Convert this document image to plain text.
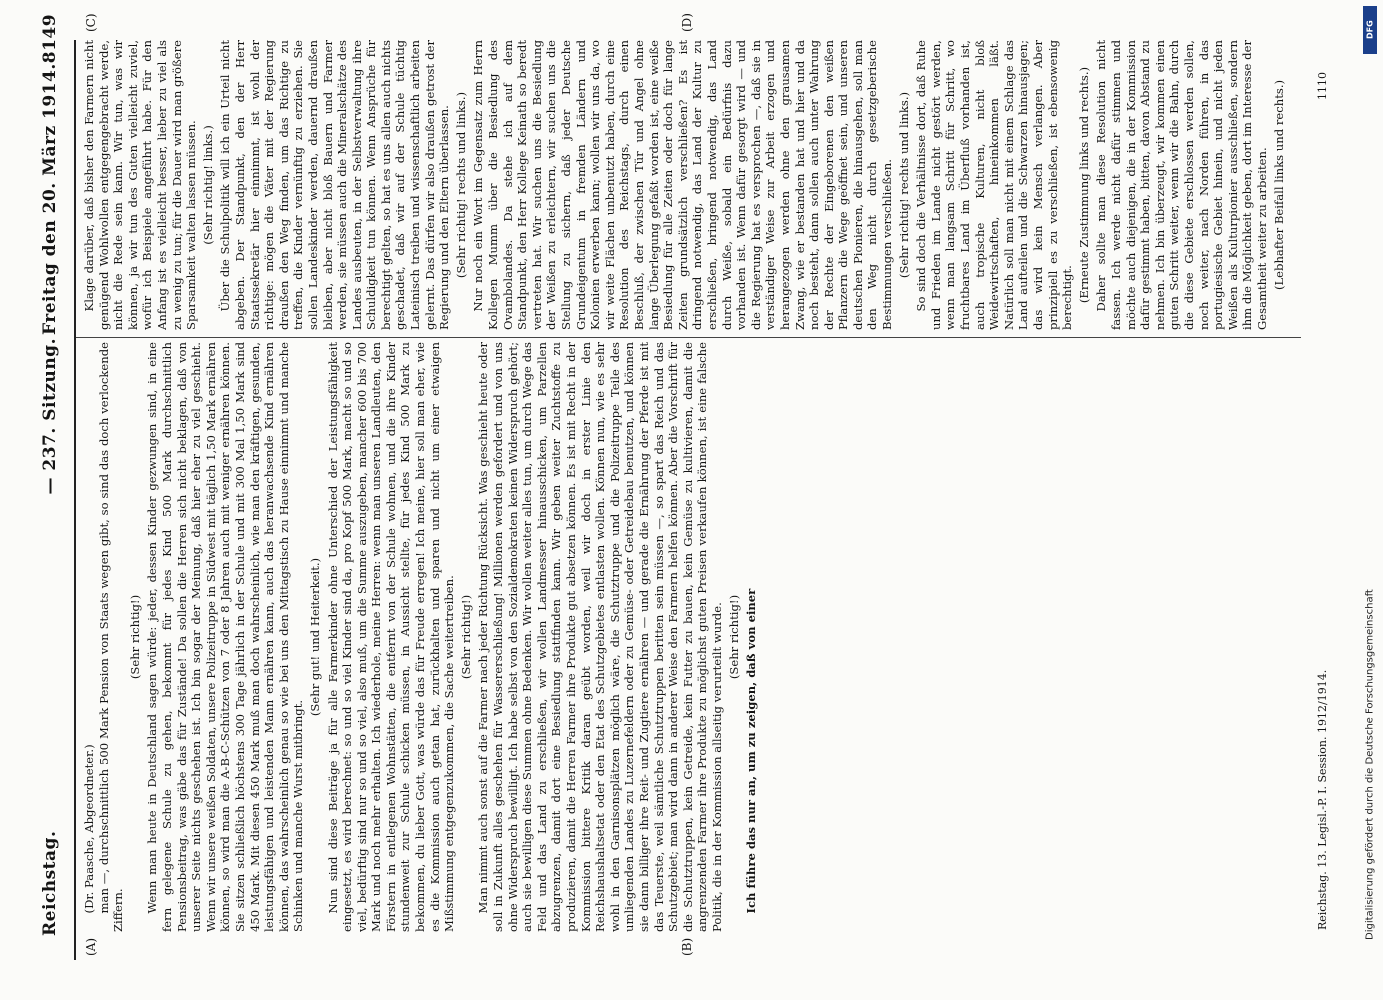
Reichstag.
— 237. Sitzung.
Freitag den 20. März 1914.
8149
(A)	(B)
(C)	(D)

(Dr. Paasche, Abgeordneter.) man —, durchschnittlich 500 Mark Pension von Staats wegen gibt, so sind das doch verlockende Ziffern.

(Sehr richtig!) Wenn man heute in Deutschland sagen würde: jeder, dessen Kinder gezwungen sind, in eine fern gelegene Schule zu gehen, bekommt für jedes Kind 500 Mark durchschnittlich Pensionsbeitrag, was gäbe das für Zustände! Da sollen die Herren sich nicht beklagen, daß von unserer Seite nichts geschehen ist. Ich bin sogar der Meinung, daß hier eher zu viel geschieht. Wenn wir unsere weißen Soldaten, unsere Polizeitruppe in Südwest mit täglich 1,50 Mark ernähren können, so wird man die A-B-C-Schützen von 7 oder 8 Jahren auch mit weniger ernähren können. Sie sitzen schließlich höchstens 300 Tage jährlich in der Schule und mit 300 Mal 1,50 Mark sind 450 Mark. Mit diesen 450 Mark muß man doch wahrscheinlich, wie man den kräftigen, gesunden, leistungsfähigen und leistenden Mann ernähren kann, auch das heranwachsende Kind ernähren können, das wahrscheinlich genau so wie bei uns den Mittagstisch zu Hause einnimmt und manche Schinken und manche Wurst mitbringt.

(Sehr gut! und Heiterkeit.) Nun sind diese Beiträge ja für alle Farmerkinder ohne Unterschied der Leistungsfähigkeit eingesetzt, es wird berechnet: so und so viel Kinder sind da, pro Kopf 500 Mark, macht so und so viel, bedürftig sind nur so und so viel, also muß, um die Summe auszugeben, mancher 600 bis 700 Mark und noch mehr erhalten. Ich wiederhole, meine Herren: wenn man unseren Landleuten, den Förstern in entlegenen Wohnstätten, die entfernt von der Schule wohnen, und die ihre Kinder stundenweit zur Schule schicken müssen, in Aussicht stellte, für jedes Kind 500 Mark zu bekommen, du lieber Gott, was würde das für Freude erregen! Ich meine, hier soll man eher, wie es die Kommission auch getan hat, zurückhalten und sparen und nicht um einer etwaigen Mißstimmung entgegenzukommen, die Sache weitertreiben. (Sehr richtig!) Man nimmt auch sonst auf die Farmer nach jeder Richtung Rücksicht. Was geschieht heute oder soll in Zukunft alles geschehen für Wassererschließung! Millionen werden gefordert und von uns ohne Widerspruch bewilligt. Ich habe selbst von den Sozialdemokraten keinen Widerspruch gehört; auch sie bewilligen diese Summen ohne Bedenken. Wir wollen weiter alles tun, um durch Wege das Feld und das Land zu erschließen, wir wollen Landmesser hinausschicken, um Parzellen abzugrenzen, damit dort eine Besiedlung stattfinden kann. Wir geben weiter Zuchtstoffe zu produzieren, damit die Herren Farmer ihre Produkte gut absetzen können. Es ist mit Recht in der Kommission bittere Kritik daran geübt worden, weil wir doch in erster Linie den Reichshaushaltsetat oder den Etat des Schutzgebietes entlasten wollen. Können nun, wie es sehr wohl in den Garnisonsplätzen möglich wäre, die Schutztruppe und die Polizeitruppe Teile des umliegenden Landes zu Luzernefeldern oder zu Gemüse- oder Getreidebau benutzen, und können sie dann billiger ihre Reit- und Zugtiere ernähren — und gerade die Ernährung der Pferde ist mit das Teuerste, weil sämtliche Schutztruppen beritten sein müssen —, so spart das Reich und das Schutzgebiet; man wird dann in anderer Weise den Farmern helfen können. Aber die Vorschrift für die Schutztruppen, kein Getreide, kein Futter zu bauen, kein Gemüse zu kultivieren, damit die angrenzenden Farmer ihre Produkte zu möglichst guten Preisen verkaufen können, ist eine falsche Politik, die in der Kommission allseitig verurteilt wurde. (Sehr richtig!) Ich führe das nur an, um zu zeigen, daß von einer

Klage darüber, daß bisher den Farmern nicht genügend Wohlwollen entgegengebracht werde, nicht die Rede sein kann. Wir tun, was wir können, ja wir tun des Guten vielleicht zuviel, wofür ich Beispiele angeführt habe. Für den Anfang ist es vielleicht besser, lieber zu viel als zu wenig zu tun; für die Dauer wird man größere Sparsamkeit walten lassen müssen. (Sehr richtig! links.) Über die Schulpolitik will ich ein Urteil nicht abgeben. Der Standpunkt, den der Herr Staatssekretär hier einnimmt, ist wohl der richtige: mögen die Väter mit der Regierung draußen den Weg finden, um das Richtige zu treffen, die Kinder vernünftig zu erziehen. Sie sollen Landeskinder werden, dauernd draußen bleiben, aber nicht bloß Bauern und Farmer werden, sie müssen auch die Mineralschätze des Landes ausbeuten, in der Selbstverwaltung ihre Schuldigkeit tun können. Wenn Ansprüche für berechtigt gelten, so hat es uns allen auch nichts geschadet, daß wir auf der Schule tüchtig Lateinisch treiben und wissenschaftlich arbeiten gelernt. Das dürfen wir also draußen getrost der Regierung und den Eltern überlassen. (Sehr richtig! rechts und links.) Nur noch ein Wort im Gegensatz zum Herrn Kollegen Mumm über die Besiedlung des Ovambolandes. Da stehe ich auf dem Standpunkt, den Herr Kollege Keinath so beredt vertreten hat. Wir suchen uns die Besiedlung der Weißen zu erleichtern, wir suchen uns die Stellung zu sichern, daß jeder Deutsche Grundeigentum in fremden Ländern und Kolonien erwerben kann; wollen wir uns da, wo wir weite Flächen unbenutzt haben, durch eine Resolution des Reichstags, durch einen Beschluß, der zwischen Tür und Angel ohne lange Überlegung gefaßt worden ist, eine weiße Besiedlung für alle Zeiten oder doch für lange Zeiten grundsätzlich verschließen? Es ist dringend notwendig, das Land der Kultur zu erschließen, bringend notwendig, das Land durch Weiße, sobald ein Bedürfnis dazu vorhanden ist. Wenn dafür gesorgt wird — und die Regierung hat es versprochen —, daß sie in verständiger Weise zur Arbeit erzogen und herangezogen werden ohne den grausamen Zwang, wie er bestanden hat und hier und da noch besteht, dann sollen auch unter Wahrung der Rechte der Eingeborenen den weißen Pflanzern die Wege geöffnet sein, und unseren deutschen Pionieren, die hinausgehen, soll man den Weg nicht durch gesetzgeberische Bestimmungen verschließen. (Sehr richtig! rechts und links.) So sind doch die Verhältnisse dort, daß Ruhe und Frieden im Lande nicht gestört werden, wenn man langsam Schritt für Schritt, wo fruchtbares Land im Überfluß vorhanden ist, auch tropische Kulturen, nicht bloß Weidewirtschaften, hineinkommen läßt. Natürlich soll man nicht mit einem Schlage das Land aufteilen und die Schwarzen hinausjagen; das wird kein Mensch verlangen. Aber prinzipiell es zu verschließen, ist ebensowenig berechtigt. (Erneute Zustimmung links und rechts.) Daher sollte man diese Resolution nicht fassen. Ich werde nicht dafür stimmen und möchte auch diejenigen, die in der Kommission dafür gestimmt haben, bitten, davon Abstand zu nehmen. Ich bin überzeugt, wir kommen einen guten Schritt weiter, wenn wir die Bahn, durch die diese Gebiete erschlossen werden sollen, noch weiter, nach Norden führen, in das portugiesische Gebiet hinein, und nicht jeden Weißen als Kulturpionier ausschließen, sondern ihm die Möglichkeit geben, dort im Interesse der Gesamtheit weiter zu arbeiten. (Lebhafter Beifall links und rechts.)

Reichstag. 13. Legisl.-P. I. Session. 1912/1914.
1110
DFG
Digitalisierung gefördert durch die Deutsche Forschungsgemeinschaft
